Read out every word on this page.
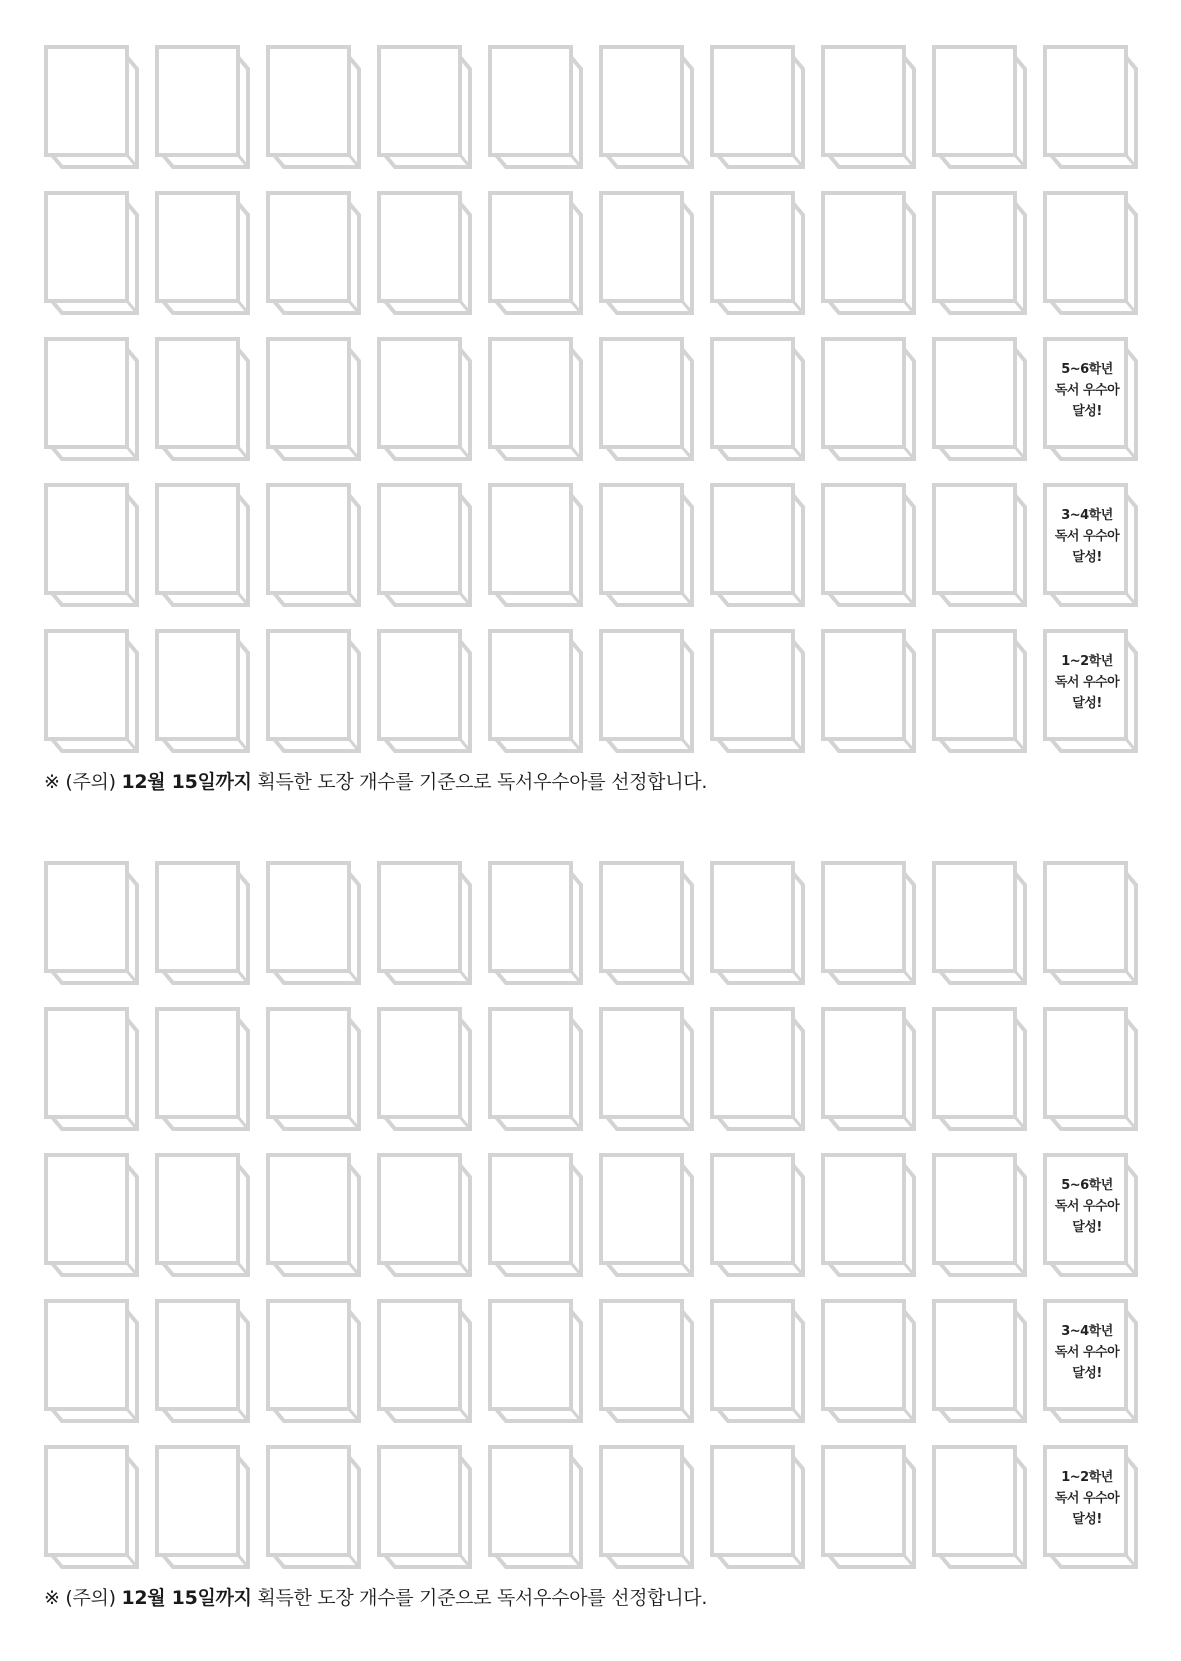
5~6학년
독서 우수아
달성!
3~4학년
독서 우수아
달성!
1~2학년
독서 우수아
달성!
※ (주의) 12월 15일까지 획득한 도장 개수를 기준으로 독서우수아를 선정합니다.
5~6학년
독서 우수아
달성!
3~4학년
독서 우수아
달성!
1~2학년
독서 우수아
달성!
※ (주의) 12월 15일까지 획득한 도장 개수를 기준으로 독서우수아를 선정합니다.
